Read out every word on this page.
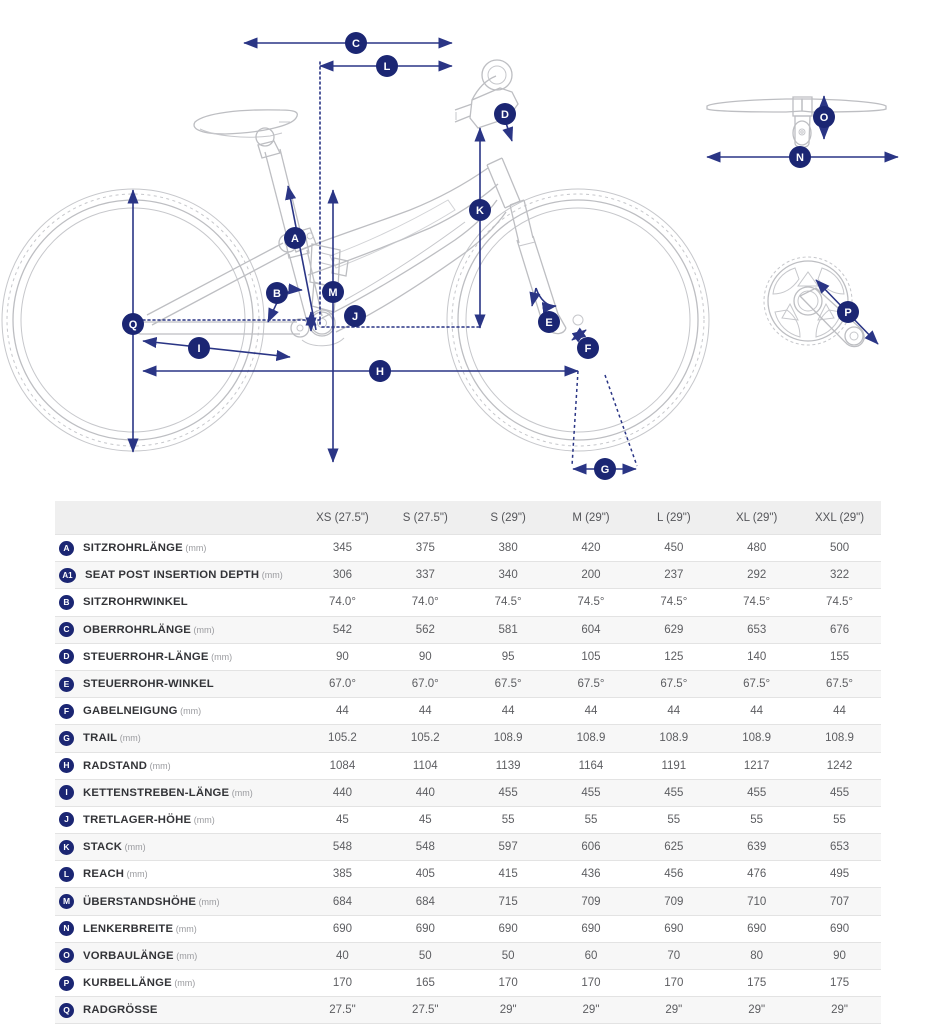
A
B
C
D
E
F
G
H
I
J
K
L
M
N
O
P
Q
	XS (27.5")	S (27.5")	S (29")	M (29")	L (29")	XL (29")	XXL (29")
A SITZROHRLÄNGE (mm)	345	375	380	420	450	480	500
A1 SEAT POST INSERTION DEPTH (mm)	306	337	340	200	237	292	322
B SITZROHRWINKEL	74.0°	74.0°	74.5°	74.5°	74.5°	74.5°	74.5°
C OBERROHRLÄNGE (mm)	542	562	581	604	629	653	676
D STEUERROHR-LÄNGE (mm)	90	90	95	105	125	140	155
E STEUERROHR-WINKEL	67.0°	67.0°	67.5°	67.5°	67.5°	67.5°	67.5°
F GABELNEIGUNG (mm)	44	44	44	44	44	44	44
G TRAIL (mm)	105.2	105.2	108.9	108.9	108.9	108.9	108.9
H RADSTAND (mm)	1084	1104	1139	1164	1191	1217	1242
I KETTENSTREBEN-LÄNGE (mm)	440	440	455	455	455	455	455
J TRETLAGER-HÖHE (mm)	45	45	55	55	55	55	55
K STACK (mm)	548	548	597	606	625	639	653
L REACH (mm)	385	405	415	436	456	476	495
M ÜBERSTANDSHÖHE (mm)	684	684	715	709	709	710	707
N LENKERBREITE (mm)	690	690	690	690	690	690	690
O VORBAULÄNGE (mm)	40	50	50	60	70	80	90
P KURBELLÄNGE (mm)	170	165	170	170	170	175	175
Q RADGRÖSSE	27.5"	27.5"	29"	29"	29"	29"	29"
